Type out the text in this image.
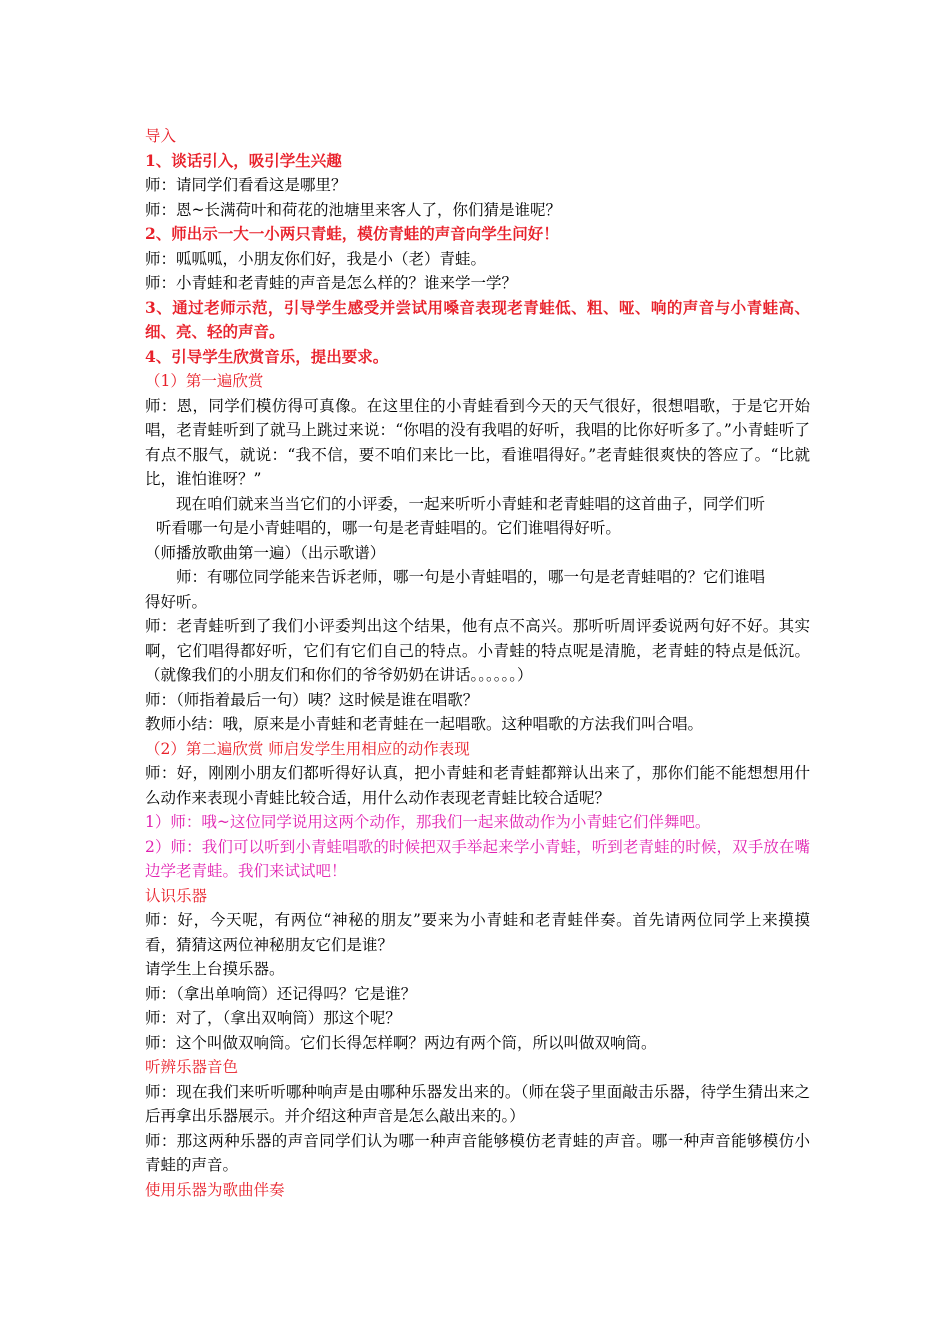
导入

1、谈话引入，吸引学生兴趣

师：请同学们看看这是哪里？

师：恩~长满荷叶和荷花的池塘里来客人了，你们猜是谁呢？

2、师出示一大一小两只青蛙，模仿青蛙的声音向学生问好！

师：呱呱呱，小朋友你们好，我是小（老）青蛙。

师：小青蛙和老青蛙的声音是怎么样的？谁来学一学？

3、通过老师示范，引导学生感受并尝试用嗓音表现老青蛙低、粗、哑、响的声音与小青蛙高、细、亮、轻的声音。

4、引导学生欣赏音乐，提出要求。

（1）第一遍欣赏

师：恩，同学们模仿得可真像。在这里住的小青蛙看到今天的天气很好，很想唱歌，于是它开始唱，老青蛙听到了就马上跳过来说：“你唱的没有我唱的好听，我唱的比你好听多了。”小青蛙听了有点不服气，就说：“我不信，要不咱们来比一比，看谁唱得好。”老青蛙很爽快的答应了。“比就比，谁怕谁呀？”

现在咱们就来当当它们的小评委，一起来听听小青蛙和老青蛙唱的这首曲子，同学们听

听看哪一句是小青蛙唱的，哪一句是老青蛙唱的。它们谁唱得好听。

（师播放歌曲第一遍）（出示歌谱）

师：有哪位同学能来告诉老师，哪一句是小青蛙唱的，哪一句是老青蛙唱的？它们谁唱

得好听。

师：老青蛙听到了我们小评委判出这个结果，他有点不高兴。那听听周评委说两句好不好。其实啊，它们唱得都好听，它们有它们自己的特点。小青蛙的特点呢是清脆，老青蛙的特点是低沉。（就像我们的小朋友们和你们的爷爷奶奶在讲话。。。。。。）

师：（师指着最后一句）咦？这时候是谁在唱歌？

教师小结：哦，原来是小青蛙和老青蛙在一起唱歌。这种唱歌的方法我们叫合唱。

（2）第二遍欣赏 师启发学生用相应的动作表现

师：好，刚刚小朋友们都听得好认真，把小青蛙和老青蛙都辩认出来了，那你们能不能想想用什么动作来表现小青蛙比较合适，用什么动作表现老青蛙比较合适呢？

1）师：哦~这位同学说用这两个动作，那我们一起来做动作为小青蛙它们伴舞吧。

2）师：我们可以听到小青蛙唱歌的时候把双手举起来学小青蛙，听到老青蛙的时候，双手放在嘴边学老青蛙。我们来试试吧！

认识乐器

师：好，今天呢，有两位“神秘的朋友”要来为小青蛙和老青蛙伴奏。首先请两位同学上来摸摸看，猜猜这两位神秘朋友它们是谁？

请学生上台摸乐器。

师：（拿出单响筒）还记得吗？它是谁？

师：对了，（拿出双响筒）那这个呢？

师：这个叫做双响筒。它们长得怎样啊？两边有两个筒，所以叫做双响筒。

听辨乐器音色

师：现在我们来听听哪种响声是由哪种乐器发出来的。（师在袋子里面敲击乐器，待学生猜出来之后再拿出乐器展示。并介绍这种声音是怎么敲出来的。）

师：那这两种乐器的声音同学们认为哪一种声音能够模仿老青蛙的声音。哪一种声音能够模仿小青蛙的声音。

使用乐器为歌曲伴奏
